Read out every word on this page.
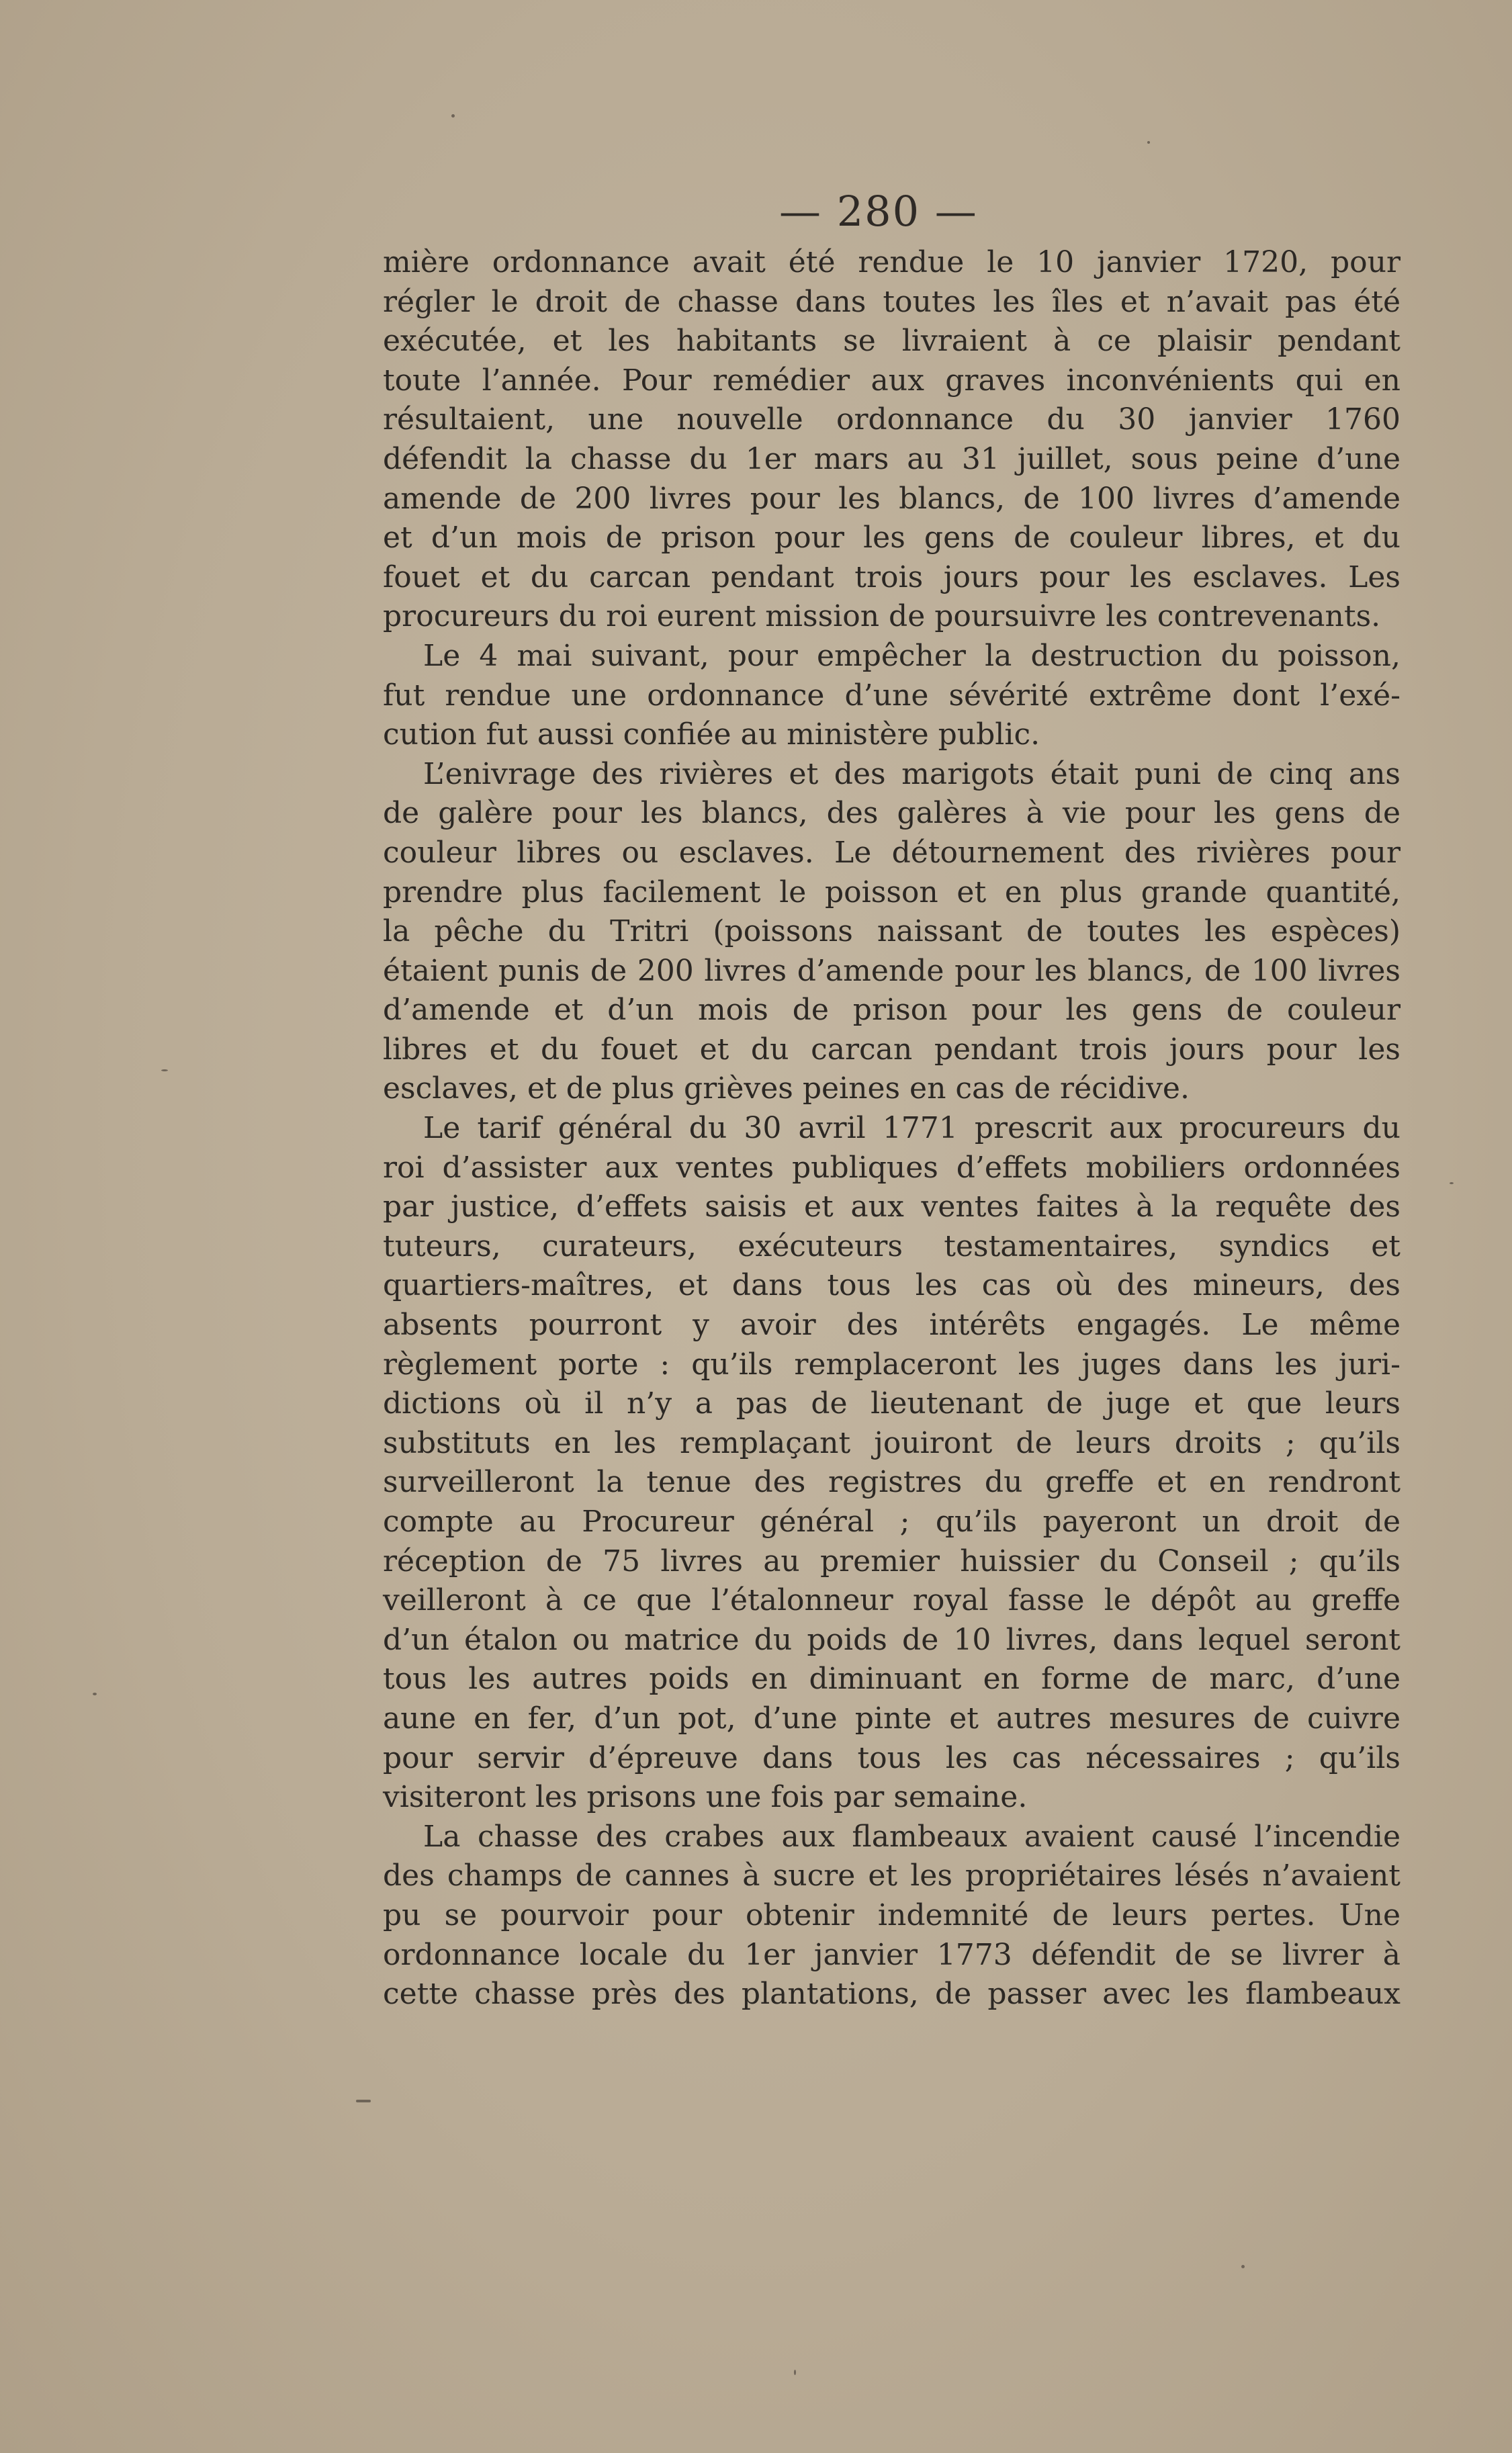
— 280 —
mière ordonnance avait été rendue le 10 janvier 1720, pour
régler le droit de chasse dans toutes les îles et n’avait pas été
exécutée, et les habitants se livraient à ce plaisir pendant
toute l’année. Pour remédier aux graves inconvénients qui en
résultaient, une nouvelle ordonnance du 30 janvier 1760
défendit la chasse du 1er mars au 31 juillet, sous peine d’une
amende de 200 livres pour les blancs, de 100 livres d’amende
et d’un mois de prison pour les gens de couleur libres, et du
fouet et du carcan pendant trois jours pour les esclaves. Les
procureurs du roi eurent mission de poursuivre les contrevenants.
Le 4 mai suivant, pour empêcher la destruction du poisson,
fut rendue une ordonnance d’une sévérité extrême dont l’exé-
cution fut aussi confiée au ministère public.
L’enivrage des rivières et des marigots était puni de cinq ans
de galère pour les blancs, des galères à vie pour les gens de
couleur libres ou esclaves. Le détournement des rivières pour
prendre plus facilement le poisson et en plus grande quantité,
la pêche du Tritri (poissons naissant de toutes les espèces)
étaient punis de 200 livres d’amende pour les blancs, de 100 livres
d’amende et d’un mois de prison pour les gens de couleur
libres et du fouet et du carcan pendant trois jours pour les
esclaves, et de plus grièves peines en cas de récidive.
Le tarif général du 30 avril 1771 prescrit aux procureurs du
roi d’assister aux ventes publiques d’effets mobiliers ordonnées
par justice, d’effets saisis et aux ventes faites à la requête des
tuteurs, curateurs, exécuteurs testamentaires, syndics et
quartiers-maîtres, et dans tous les cas où des mineurs, des
absents pourront y avoir des intérêts engagés. Le même
règlement porte : qu’ils remplaceront les juges dans les juri-
dictions où il n’y a pas de lieutenant de juge et que leurs
substituts en les remplaçant jouiront de leurs droits ; qu’ils
surveilleront la tenue des registres du greffe et en rendront
compte au Procureur général ; qu’ils payeront un droit de
réception de 75 livres au premier huissier du Conseil ; qu’ils
veilleront à ce que l’étalonneur royal fasse le dépôt au greffe
d’un étalon ou matrice du poids de 10 livres, dans lequel seront
tous les autres poids en diminuant en forme de marc, d’une
aune en fer, d’un pot, d’une pinte et autres mesures de cuivre
pour servir d’épreuve dans tous les cas nécessaires ; qu’ils
visiteront les prisons une fois par semaine.
La chasse des crabes aux flambeaux avaient causé l’incendie
des champs de cannes à sucre et les propriétaires lésés n’avaient
pu se pourvoir pour obtenir indemnité de leurs pertes. Une
ordonnance locale du 1er janvier 1773 défendit de se livrer à
cette chasse près des plantations, de passer avec les flambeaux
